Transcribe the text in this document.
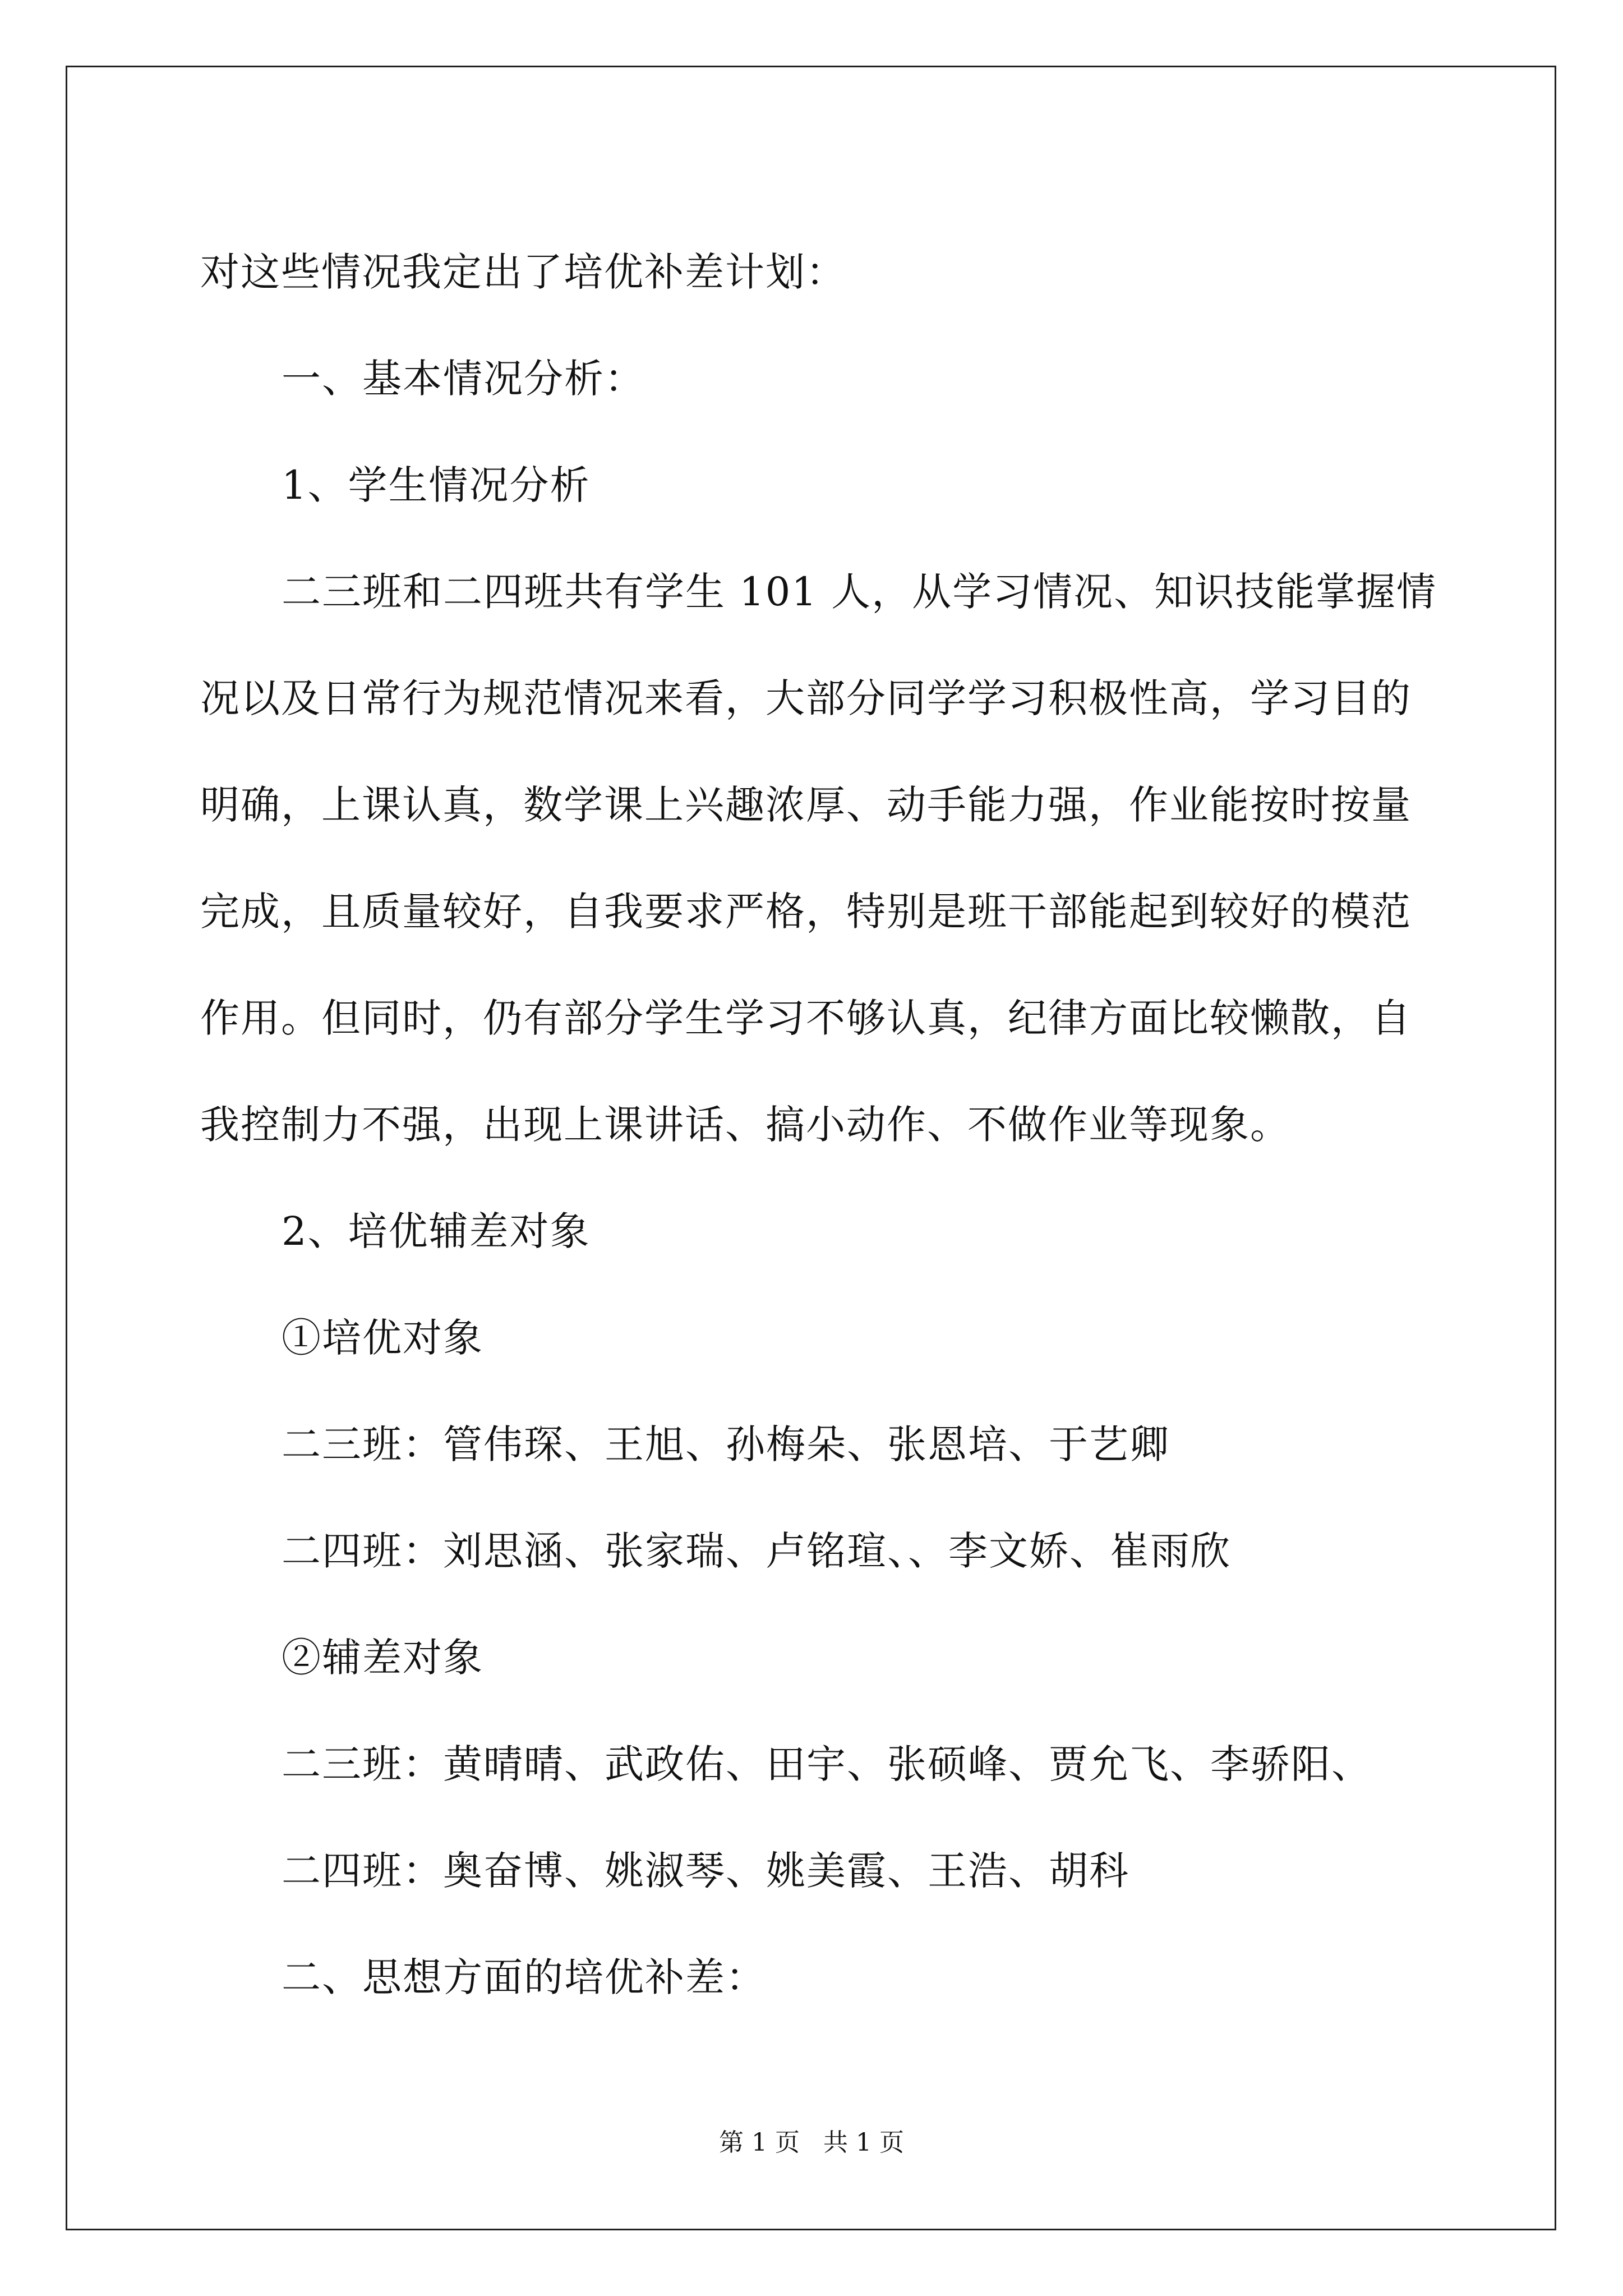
对这些情况我定出了培优补差计划：
一、基本情况分析：
1、学生情况分析
二三班和二四班共有学生 101 人，从学习情况、知识技能掌握情
况以及日常行为规范情况来看，大部分同学学习积极性高，学习目的
明确，上课认真，数学课上兴趣浓厚、动手能力强，作业能按时按量
完成，且质量较好，自我要求严格，特别是班干部能起到较好的模范
作用。但同时，仍有部分学生学习不够认真，纪律方面比较懒散，自
我控制力不强，出现上课讲话、搞小动作、不做作业等现象。
2、培优辅差对象
①培优对象
二三班：管伟琛、王旭、孙梅朵、张恩培、于艺卿
二四班：刘思涵、张家瑞、卢铭瑄、、李文娇、崔雨欣
②辅差对象
二三班：黄晴晴、武政佑、田宇、张硕峰、贾允飞、李骄阳、
二四班：奥奋博、姚淑琴、姚美霞、王浩、胡科
二、思想方面的培优补差：
第 1 页 共 1 页
